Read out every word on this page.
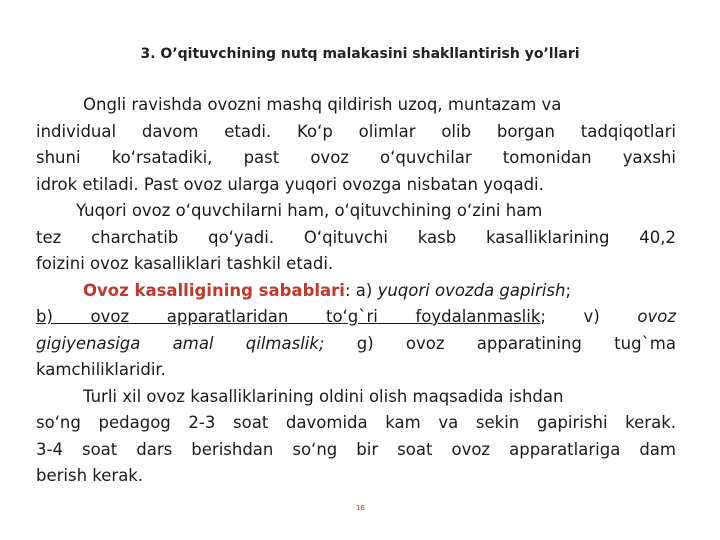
3. O’qituvchining nutq malakasini shakllantirish yo’llari
Ongli ravishda ovozni mashq qildirish uzoq, muntazam va
individual davom etadi. Ko‘p olimlar olib borgan tadqiqotlari
shuni ko‘rsatadiki, past ovoz o‘quvchilar tomonidan yaxshi
idrok etiladi. Past ovoz ularga yuqori ovozga nisbatan yoqadi.
Yuqori ovoz o‘quvchilarni ham, o‘qituvchining o‘zini ham
tez charchatib qo‘yadi. O‘qituvchi kasb kasalliklarining 40,2
foizini ovoz kasalliklari tashkil etadi.
Ovoz kasalligining sabablari: a) yuqori ovozda gapirish;
b) ovoz apparatlaridan to‘g`ri foydalanmaslik; v) ovoz
gigiyenasiga amal qilmaslik; g) ovoz apparatining tug`ma
kamchiliklaridir.
Turli xil ovoz kasalliklarining oldini olish maqsadida ishdan
so‘ng pedagog 2-3 soat davomida kam va sekin gapirishi kerak.
3-4 soat dars berishdan so‘ng bir soat ovoz apparatlariga dam
berish kerak.
16
